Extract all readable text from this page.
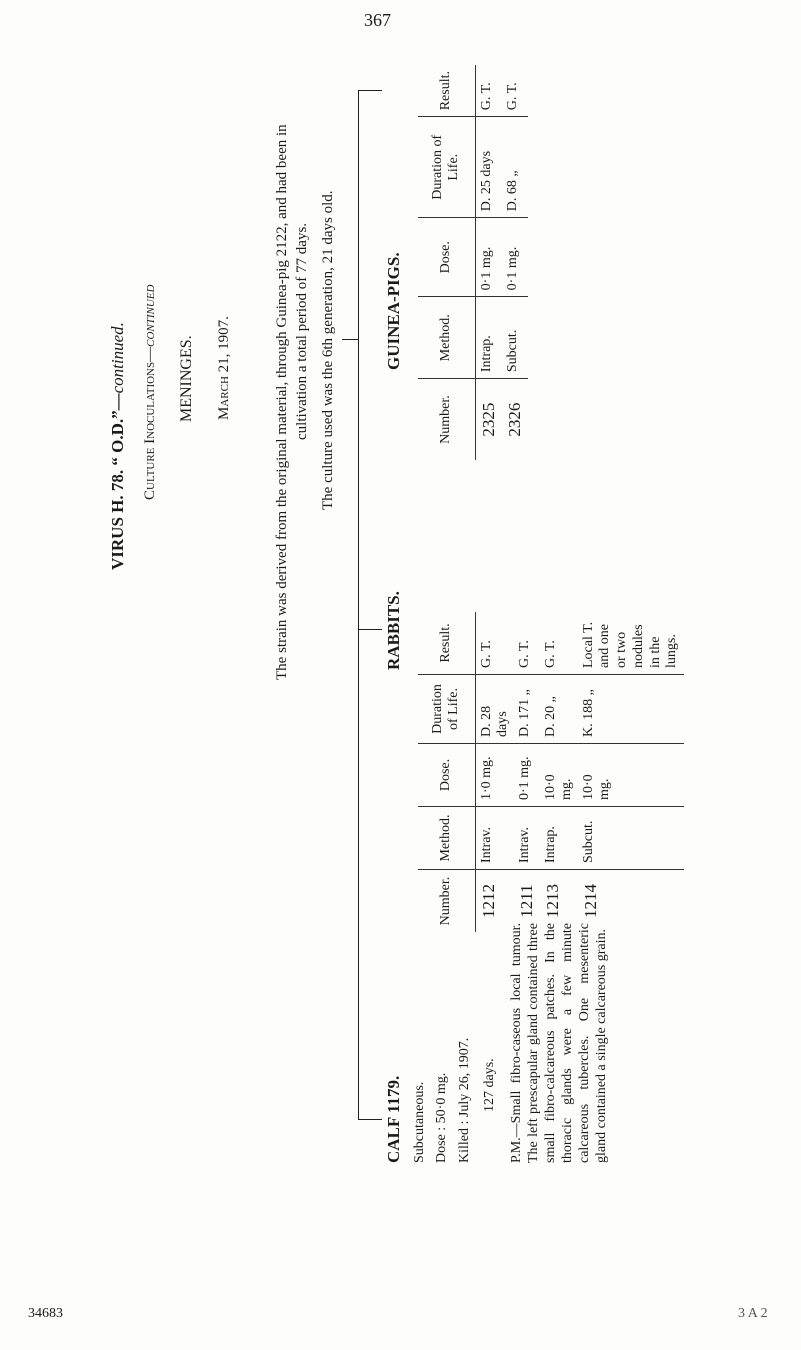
367
34683	3 A 2
VIRUS H. 78. “ O.D.”—continued. Culture Inoculations—continued
MENINGES. March 21, 1907.	The strain was derived from the original material, through Guinea-pig 2122, and had been in cultivation a total period of 77 days. The culture used was the 6th generation, 21 days old.
CALF 1179. Subcutaneous. Dose : 50·0 mg. Killed : July 26, 1907. 127 days. P.M.—Small fibro-caseous local tumour. The left prescapular gland contained three small fibro-calcareous patches. In the thoracic glands were a few minute calcareous tubercles. One mesenteric gland contained a single calcareous grain.
RABBITS.
Number.	Method.	Dose.	Duration of Life.	Result.
1212	Intrav.	1·0 mg.	D. 28 days	G. T.
1211	Intrav.	0·1 mg.	D. 171 „	G. T.
1213	Intrap.	10·0 mg.	D. 20 „	G. T.
1214	Subcut.	10·0 mg.	K. 188 „	Local T. and one or two nodules in the lungs.
GUINEA-PIGS.
Number.	Method.	Dose.	Duration of Life.	Result.
2325	Intrap.	0·1 mg.	D. 25 days	G. T.
2326	Subcut.	0·1 mg.	D. 68 „	G. T.
